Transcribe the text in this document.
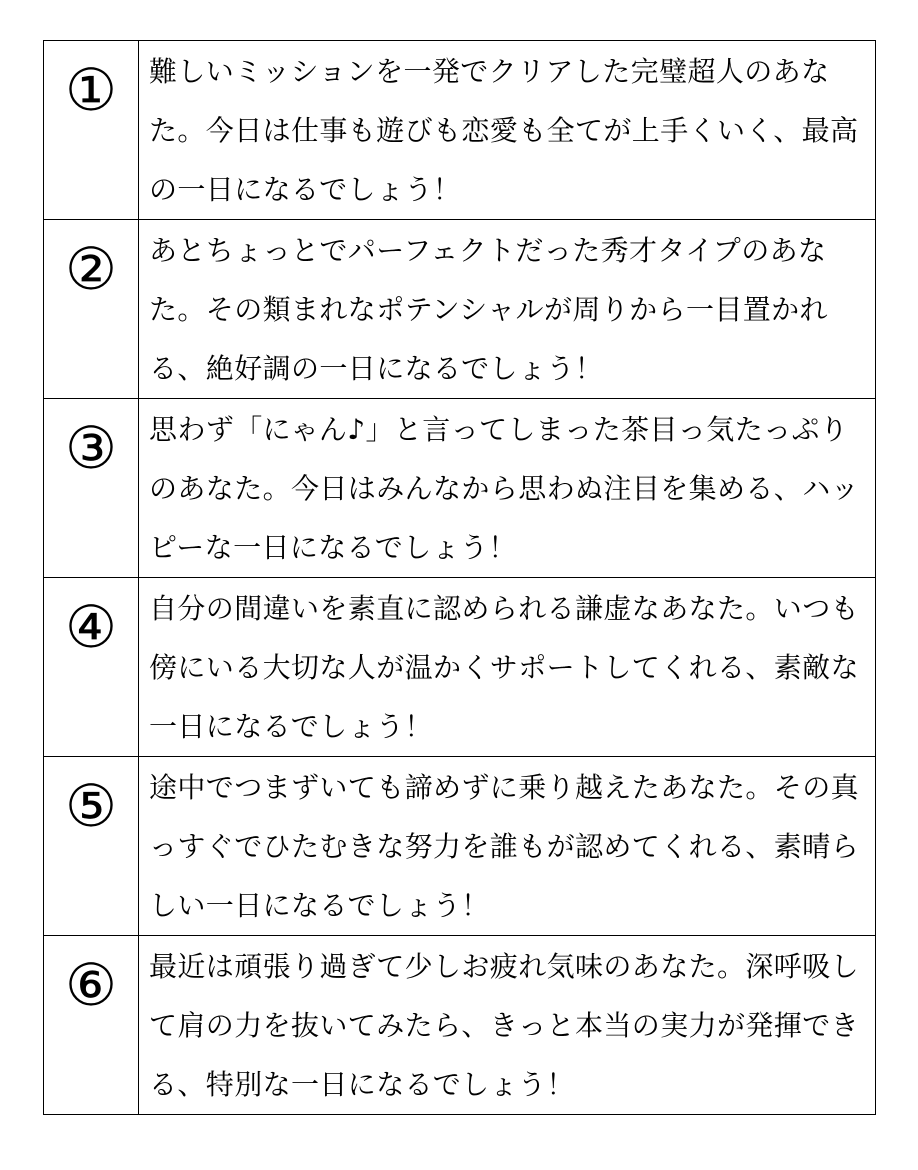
①	難しいミッションを一発でクリアした完璧超人のあなた。今日は仕事も遊びも恋愛も全てが上手くいく、最高の一日になるでしょう！

②	あとちょっとでパーフェクトだった秀才タイプのあなた。その類まれなポテンシャルが周りから一目置かれる、絶好調の一日になるでしょう！

③	思わず「にゃん♪」と言ってしまった茶目っ気たっぷりのあなた。今日はみんなから思わぬ注目を集める、ハッピーな一日になるでしょう！

④	自分の間違いを素直に認められる謙虚なあなた。いつも傍にいる大切な人が温かくサポートしてくれる、素敵な一日になるでしょう！

⑤	途中でつまずいても諦めずに乗り越えたあなた。その真っすぐでひたむきな努力を誰もが認めてくれる、素晴らしい一日になるでしょう！

⑥	最近は頑張り過ぎて少しお疲れ気味のあなた。深呼吸して肩の力を抜いてみたら、きっと本当の実力が発揮できる、特別な一日になるでしょう！
